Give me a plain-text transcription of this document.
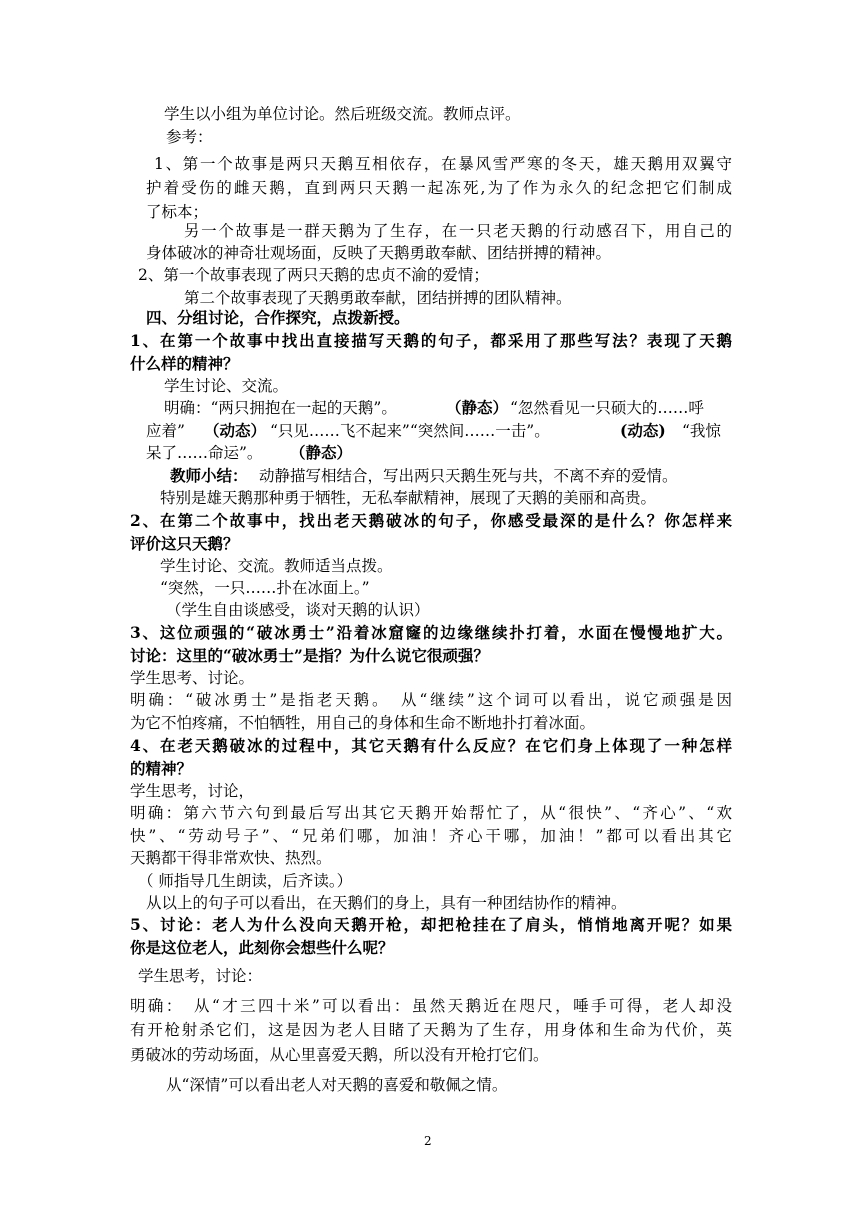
学生以小组为单位讨论。然后班级交流。教师点评。
参考：
1、第一个故事是两只天鹅互相依存，在暴风雪严寒的冬天，雄天鹅用双翼守
护着受伤的雌天鹅，直到两只天鹅一起冻死,为了作为永久的纪念把它们制成
了标本；
另一个故事是一群天鹅为了生存，在一只老天鹅的行动感召下，用自己的
身体破冰的神奇壮观场面，反映了天鹅勇敢奉献、团结拼搏的精神。
2、第一个故事表现了两只天鹅的忠贞不渝的爱情；
第二个故事表现了天鹅勇敢奉献，团结拼搏的团队精神。
四、分组讨论，合作探究，点拨新授。
1、在第一个故事中找出直接描写天鹅的句子，都采用了那些写法？表现了天鹅
什么样的精神？
学生讨论、交流。
明确：“两只拥抱在一起的天鹅”。	（静态） “忽然看见一只硕大的……呼
应着” （动态） “只见……飞不起来”“突然间……一击”。	(动态) “我惊
呆了……命运”。 （静态）
教师小结： 动静描写相结合，写出两只天鹅生死与共，不离不弃的爱情。
特别是雄天鹅那种勇于牺牲，无私奉献精神，展现了天鹅的美丽和高贵。
2、在第二个故事中，找出老天鹅破冰的句子，你感受最深的是什么？你怎样来
评价这只天鹅？
学生讨论、交流。教师适当点拨。
“突然，一只……扑在冰面上。”
（学生自由谈感受，谈对天鹅的认识）
3、这位顽强的“破冰勇士”沿着冰窟窿的边缘继续扑打着，水面在慢慢地扩大。
讨论：这里的“破冰勇士”是指？为什么说它很顽强？
学生思考、讨论。
明确：“破冰勇士”是指老天鹅。　从“继续”这个词可以看出，说它顽强是因
为它不怕疼痛，不怕牺牲，用自己的身体和生命不断地扑打着冰面。
4、在老天鹅破冰的过程中，其它天鹅有什么反应？在它们身上体现了一种怎样
的精神？
学生思考，讨论，
明确：第六节六句到最后写出其它天鹅开始帮忙了，从“很快”、“齐心”、“欢
快”、“劳动号子”、“兄弟们哪，加油！齐心干哪，加油！”都可以看出其它
天鹅都干得非常欢快、热烈。
（ 师指导几生朗读，后齐读。）
从以上的句子可以看出，在天鹅们的身上，具有一种团结协作的精神。
5、讨论：老人为什么没向天鹅开枪，却把枪挂在了肩头，悄悄地离开呢？如果
你是这位老人，此刻你会想些什么呢？
学生思考，讨论：
明确：　从“才三四十米”可以看出：虽然天鹅近在咫尺，唾手可得，老人却没
有开枪射杀它们，这是因为老人目睹了天鹅为了生存，用身体和生命为代价，英
勇破冰的劳动场面，从心里喜爱天鹅，所以没有开枪打它们。
从“深情”可以看出老人对天鹅的喜爱和敬佩之情。
2
